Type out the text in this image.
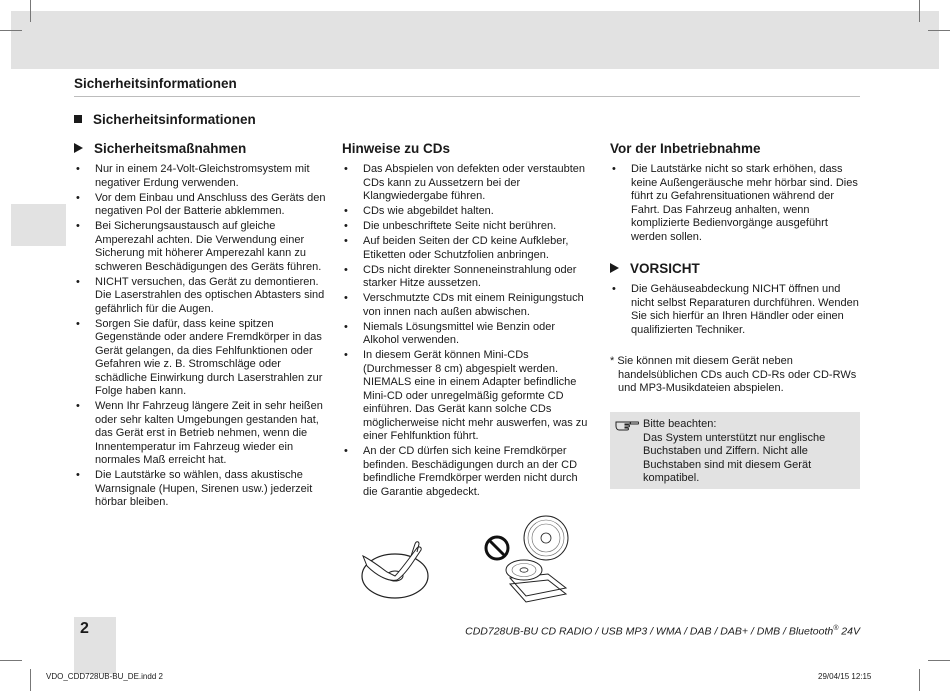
Sicherheitsinformationen
Sicherheitsinformationen
Sicherheitsmaßnahmen
• Nur in einem 24-Volt-Gleichstromsystem mit negativer Erdung verwenden.
• Vor dem Einbau und Anschluss des Geräts den negativen Pol der Batterie abklemmen.
• Bei Sicherungsaustausch auf gleiche Amperezahl achten. Die Verwendung einer Sicherung mit höherer Amperezahl kann zu schweren Beschädigungen des Geräts führen.
• NICHT versuchen, das Gerät zu demontieren. Die Laserstrahlen des optischen Abtasters sind gefährlich für die Augen.
• Sorgen Sie dafür, dass keine spitzen Gegenstände oder andere Fremdkörper in das Gerät gelangen, da dies Fehlfunktionen oder Gefahren wie z. B. Stromschläge oder schädliche Einwirkung durch Laserstrahlen zur Folge haben kann.
• Wenn Ihr Fahrzeug längere Zeit in sehr heißen oder sehr kalten Umgebungen gestanden hat, das Gerät erst in Betrieb nehmen, wenn die Innentemperatur im Fahrzeug wieder ein normales Maß erreicht hat.
• Die Lautstärke so wählen, dass akustische Warnsignale (Hupen, Sirenen usw.) jederzeit hörbar bleiben.
Hinweise zu CDs
• Das Abspielen von defekten oder verstaubten CDs kann zu Aussetzern bei der Klangwiedergabe führen.
• CDs wie abgebildet halten.
• Die unbeschriftete Seite nicht berühren.
• Auf beiden Seiten der CD keine Aufkleber, Etiketten oder Schutzfolien anbringen.
• CDs nicht direkter Sonneneinstrahlung oder starker Hitze aussetzen.
• Verschmutzte CDs mit einem Reinigungstuch von innen nach außen abwischen.
• Niemals Lösungsmittel wie Benzin oder Alkohol verwenden.
• In diesem Gerät können Mini-CDs (Durchmesser 8 cm) abgespielt werden. NIEMALS eine in einem Adapter befindliche Mini-CD oder unregelmäßig geformte CD einführen. Das Gerät kann solche CDs möglicherweise nicht mehr auswerfen, was zu einer Fehlfunktion führt.
• An der CD dürfen sich keine Fremdkörper befinden. Beschädigungen durch an der CD befindliche Fremdkörper werden nicht durch die Garantie abgedeckt.
Vor der Inbetriebnahme
• Die Lautstärke nicht so stark erhöhen, dass keine Außengeräusche mehr hörbar sind. Dies führt zu Gefahrensituationen während der Fahrt. Das Fahrzeug anhalten, wenn komplizierte Bedienvorgänge ausgeführt werden sollen.
VORSICHT
• Die Gehäuseabdeckung NICHT öffnen und nicht selbst Reparaturen durchführen. Wenden Sie sich hierfür an Ihren Händler oder einen qualifizierten Techniker.
* Sie können mit diesem Gerät neben
handelsüblichen CDs auch CD-Rs oder CD-RWs und MP3-Musikdateien abspielen.
Bitte beachten:
Das System unterstützt nur englische Buchstaben und Ziffern. Nicht alle Buchstaben sind mit diesem Gerät kompatibel.
2	CDD728UB-BU CD RADIO / USB MP3 / WMA / DAB / DAB+ / DMB / Bluetooth® 24V
VDO_CDD728UB-BU_DE.indd 2	29/04/15 12:15
